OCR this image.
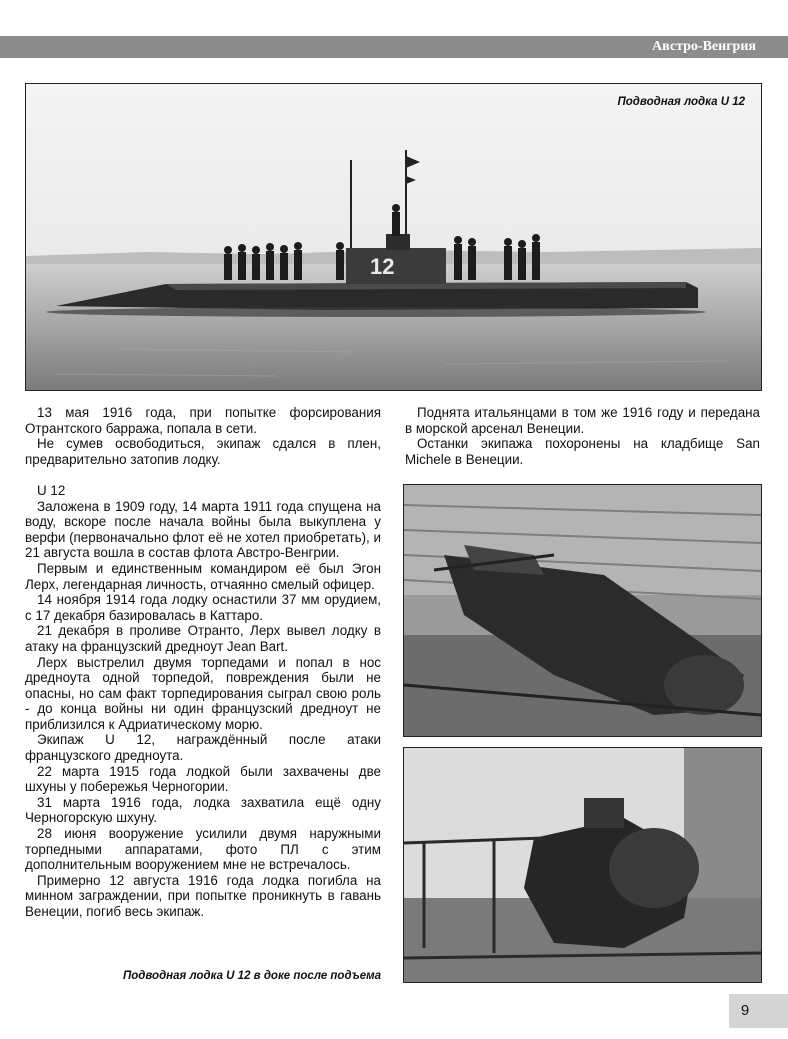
Австро-Венгрия
12
Подводная лодка U 12

13 мая 1916 года, при попытке форсирования Отрантского барража, попала в сети.

Не сумев освободиться, экипаж сдался в плен, предварительно затопив лодку.

U 12

Заложена в 1909 году, 14 марта 1911 года спущена на воду, вскоре после начала войны была выкуплена у верфи (первоначально флот её не хотел приобретать), и 21 августа вошла в состав флота Австро-Венгрии.

Первым и единственным командиром её был Эгон Лерх, легендарная личность, отчаянно смелый офицер.

14 ноября 1914 года лодку оснастили 37 мм орудием, с 17 декабря базировалась в Каттаро.

21 декабря в проливе Отранто, Лерх вывел лодку в атаку на французский дредноут Jean Bart.

Лерх выстрелил двумя торпедами и попал в нос дредноута одной торпедой, повреждения были не опасны, но сам факт торпедирования сыграл свою роль - до конца войны ни один французский дредноут не приблизился к Адриатическому морю.

Экипаж U 12, награждённый после атаки французского дредноута.

22 марта 1915 года лодкой были захвачены две шхуны у побережья Черногории.

31 марта 1916 года, лодка захватила ещё одну Черногорскую шхуну.

28 июня вооружение усилили двумя наружными торпедными аппаратами, фото ПЛ с этим дополнительным вооружением мне не встречалось.

Примерно 12 августа 1916 года лодка погибла на минном заграждении, при попытке проникнуть в гавань Венеции, погиб весь экипаж.

Подводная лодка U 12 в доке после подъема

Поднята итальянцами в том же 1916 году и передана в морской арсенал Венеции.

Останки экипажа похоронены на кладбище San Michele в Венеции.

9
